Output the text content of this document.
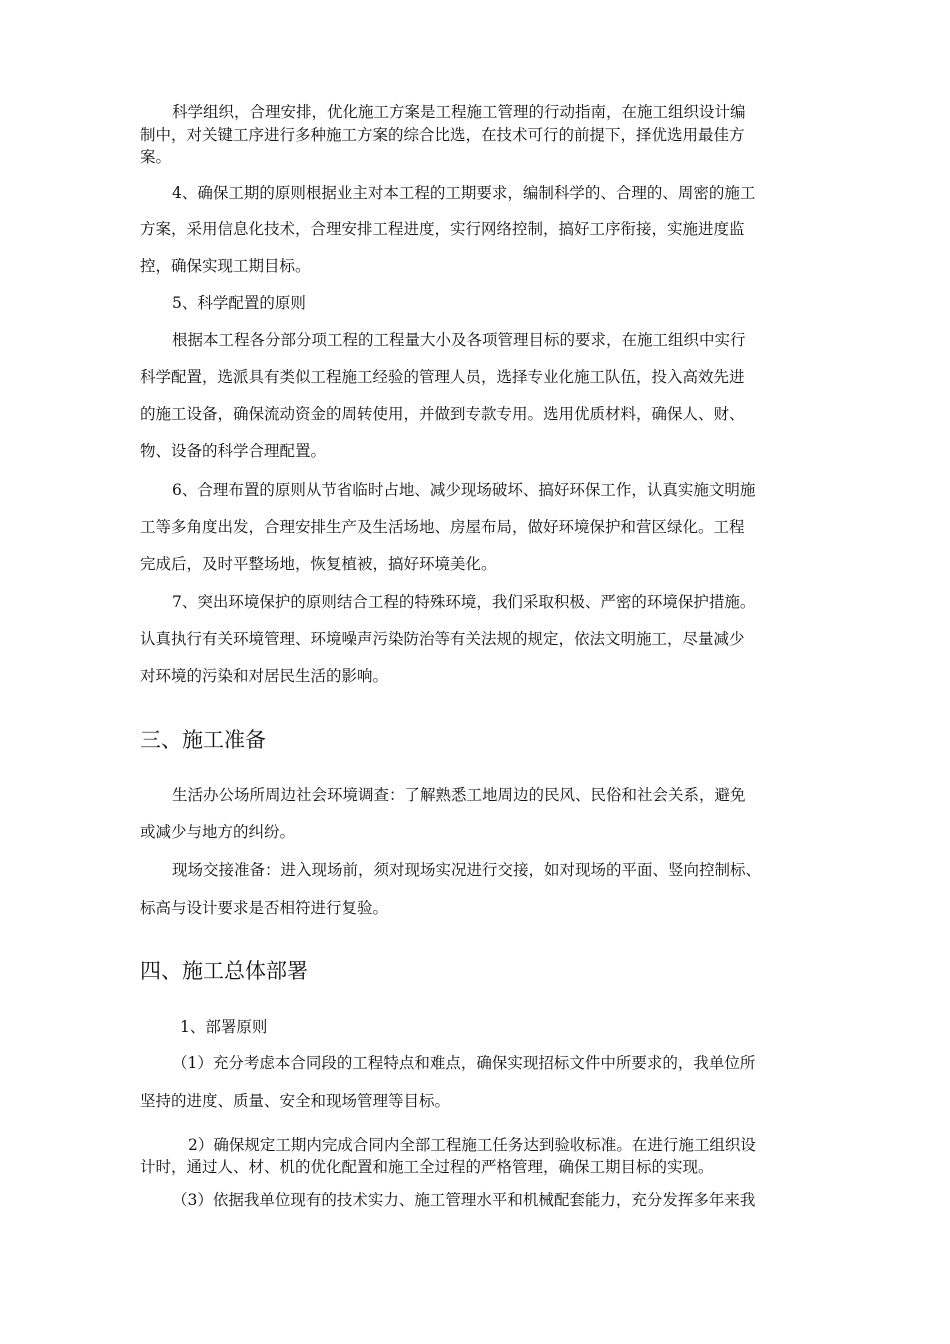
科学组织，合理安排，优化施工方案是工程施工管理的行动指南，在施工组织设计编
制中，对关键工序进行多种施工方案的综合比选，在技术可行的前提下，择优选用最佳方
案。
4、确保工期的原则根据业主对本工程的工期要求，编制科学的、合理的、周密的施工
方案，采用信息化技术，合理安排工程进度，实行网络控制，搞好工序衔接，实施进度监
控，确保实现工期目标。
5、科学配置的原则
根据本工程各分部分项工程的工程量大小及各项管理目标的要求，在施工组织中实行
科学配置，选派具有类似工程施工经验的管理人员，选择专业化施工队伍，投入高效先进
的施工设备，确保流动资金的周转使用，并做到专款专用。选用优质材料，确保人、财、
物、设备的科学合理配置。
6、合理布置的原则从节省临时占地、减少现场破坏、搞好环保工作，认真实施文明施
工等多角度出发，合理安排生产及生活场地、房屋布局，做好环境保护和营区绿化。工程
完成后，及时平整场地，恢复植被，搞好环境美化。
7、突出环境保护的原则结合工程的特殊环境，我们采取积极、严密的环境保护措施。
认真执行有关环境管理、环境噪声污染防治等有关法规的规定，依法文明施工，尽量减少
对环境的污染和对居民生活的影响。
三、施工准备
生活办公场所周边社会环境调查：了解熟悉工地周边的民风、民俗和社会关系，避免
或减少与地方的纠纷。
现场交接准备：进入现场前，须对现场实况进行交接，如对现场的平面、竖向控制标、
标高与设计要求是否相符进行复验。
四、施工总体部署
1、部署原则
（1）充分考虑本合同段的工程特点和难点，确保实现招标文件中所要求的，我单位所
坚持的进度、质量、安全和现场管理等目标。
2）确保规定工期内完成合同内全部工程施工任务达到验收标准。在进行施工组织设
计时，通过人、材、机的优化配置和施工全过程的严格管理，确保工期目标的实现。
（3）依据我单位现有的技术实力、施工管理水平和机械配套能力，充分发挥多年来我
